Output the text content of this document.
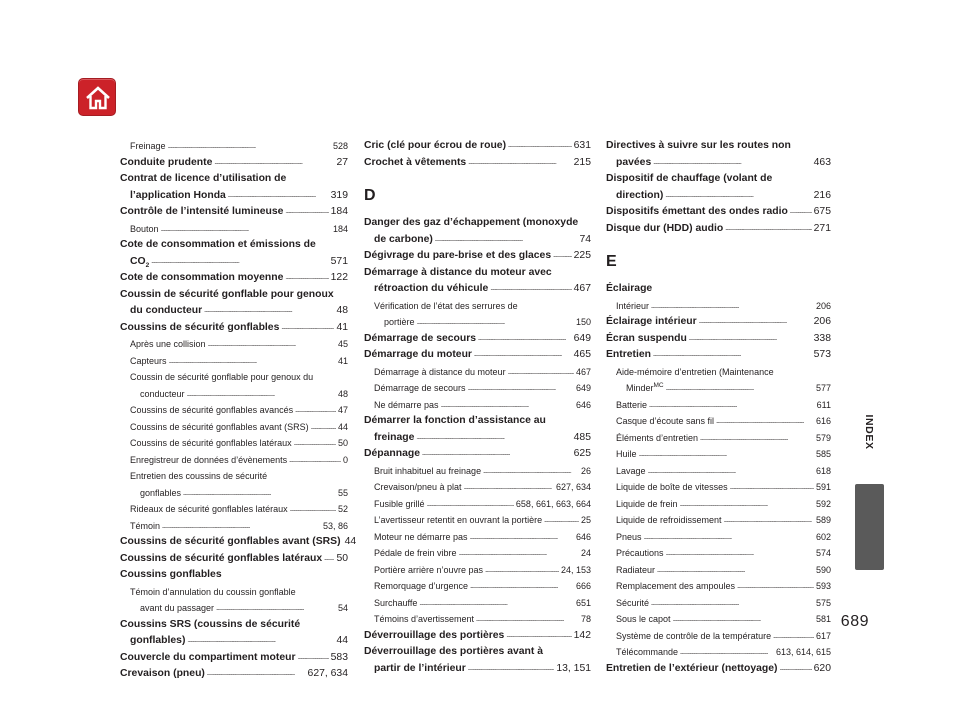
Freinage . . .	528
Conduite prudente . . .	27
Contrat de licence d’utilisation de
l’application Honda . . .	319
Contrôle de l’intensité lumineuse . . .	184
Bouton . . .	184
Cote de consommation et émissions de
$CO_2$ . . .	571
Cote de consommation moyenne . . .	122
Coussin de sécurité gonflable pour genoux
du conducteur . . .	48
Coussins de sécurité gonflables . . .	41
Après une collision . . .	45
Capteurs . . .	41
Coussin de sécurité gonflable pour genoux du
conducteur . . .	48
Coussins de sécurité gonflables avancés . . .	47
Coussins de sécurité gonflables avant (SRS) . . .	44
Coussins de sécurité gonflables latéraux . . .	50
Enregistreur de données d’évènements . . .	0
Entretien des coussins de sécurité
gonflables . . .	55
Rideaux de sécurité gonflables latéraux . . .	52
Témoin . . .	53, 86
Coussins de sécurité gonflables avant (SRS) 44
Coussins de sécurité gonflables latéraux . . . 50
Coussins gonflables
Témoin d’annulation du coussin gonflable
avant du passager . . .	54
Coussins SRS (coussins de sécurité
gonflables) . . .	44
Couvercle du compartiment moteur . . .	583
Crevaison (pneu) . . .	627, 634
Cric (clé pour écrou de roue) . . .	631
Crochet à vêtements . . .	215
D
Danger des gaz d’échappement (monoxyde
de carbone) . . .	74
Dégivrage du pare-brise et des glaces . . . 225
Démarrage à distance du moteur avec
rétroaction du véhicule . . .	467
Vérification de l’état des serrures de
portière . . .	150
Démarrage de secours . . .	649
Démarrage du moteur . . .	465
Démarrage à distance du moteur . . .	467
Démarrage de secours . . .	649
Ne démarre pas . . .	646
Démarrer la fonction d’assistance au
freinage . . .	485
Dépannage . . .	625
Bruit inhabituel au freinage . . .	26
Crevaison/pneu à plat . . .	627, 634
Fusible grillé . . .	658, 661, 663, 664
L’avertisseur retentit en ouvrant la portière . . .	25
Moteur ne démarre pas . . .	646
Pédale de frein vibre . . .	24
Portière arrière n’ouvre pas . . .	24, 153
Remorquage d’urgence . . .	666
Surchauffe . . .	651
Témoins d’avertissement . . .	78
Déverrouillage des portières . . .	142
Déverrouillage des portières avant à
partir de l’intérieur . . .	13, 151
Directives à suivre sur les routes non
pavées . . .	463
Dispositif de chauffage (volant de
direction) . . .	216
Dispositifs émettant des ondes radio . . . 675
Disque dur (HDD) audio . . .	271
E
Éclairage
Intérieur . . .	206
Éclairage intérieur . . .	206
Écran suspendu . . .	338
Entretien . . .	573
Aide-mémoire d’entretien (Maintenance
Minder$^{MC}$ . . .	577
Batterie . . .	611
Casque d’écoute sans fil . . .	616
Éléments d’entretien . . .	579
Huile . . .	585
Lavage . . .	618
Liquide de boîte de vitesses . . .	591
Liquide de frein . . .	592
Liquide de refroidissement . . .	589
Pneus . . .	602
Précautions . . .	574
Radiateur . . .	590
Remplacement des ampoules . . .	593
Sécurité . . .	575
Sous le capot . . .	581
Système de contrôle de la température . . .	617
Télécommande . . .	613, 614, 615
Entretien de l’extérieur (nettoyage) . . .	620
INDEX
689
